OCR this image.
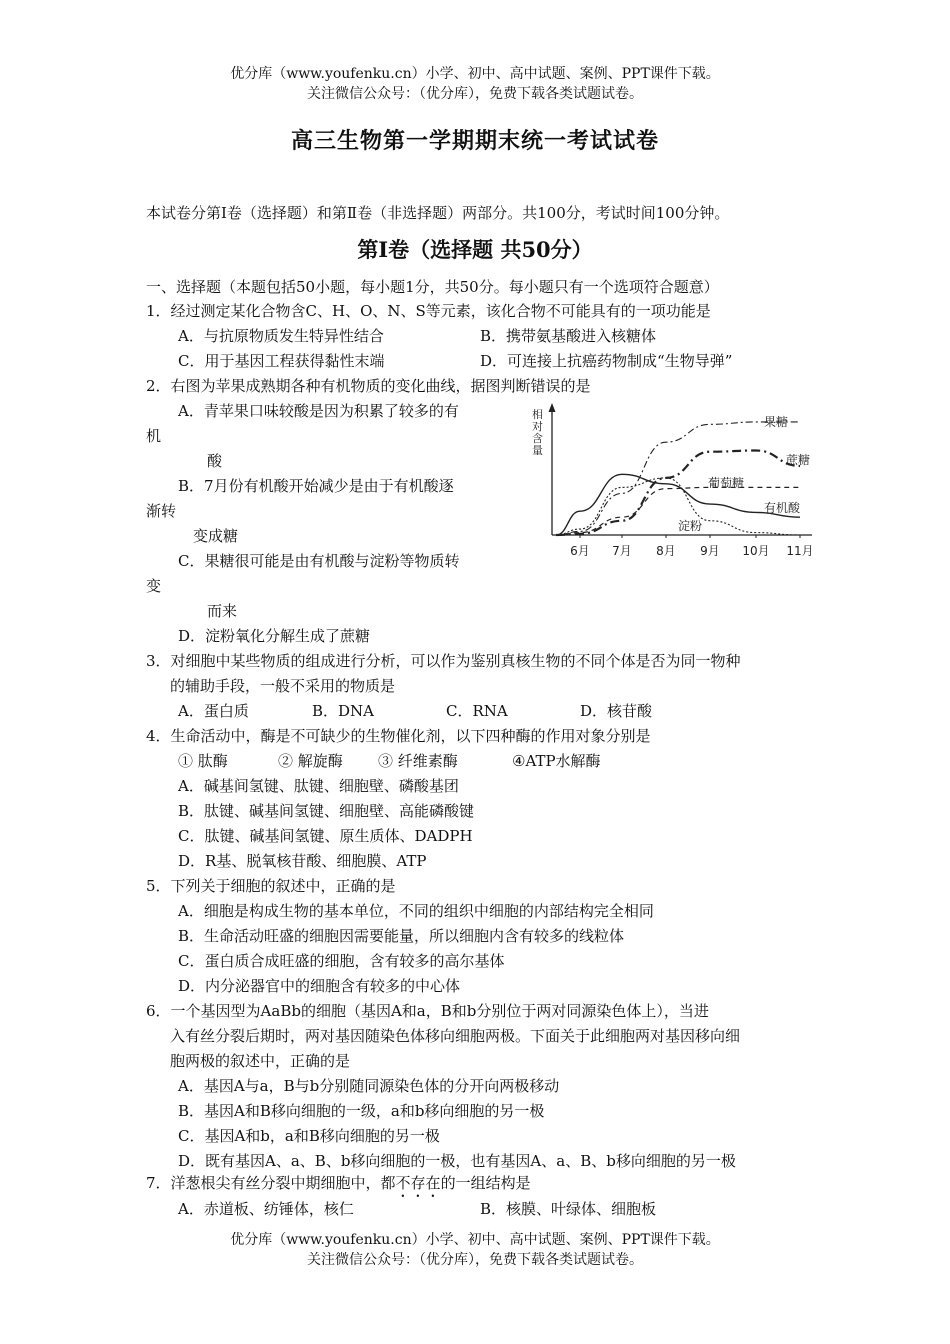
优分库（www.youfenku.cn）小学、初中、高中试题、案例、PPT课件下载。
关注微信公众号：（优分库），免费下载各类试题试卷。
高三生物第一学期期末统一考试试卷
本试卷分第Ⅰ卷（选择题）和第Ⅱ卷（非选择题）两部分。共100分，考试时间100分钟。
第Ⅰ卷（选择题 共50分）
一、选择题（本题包括50小题，每小题1分，共50分。每小题只有一个选项符合题意）
1．经过测定某化合物含C、H、O、N、S等元素，该化合物不可能具有的一项功能是
A．与抗原物质发生特异性结合	B．携带氨基酸进入核糖体
C．用于基因工程获得黏性末端	D．可连接上抗癌药物制成“生物导弹”
2．右图为苹果成熟期各种有机物质的变化曲线，据图判断错误的是
A．青苹果口味较酸是因为积累了较多的有
机
酸
B．7月份有机酸开始减少是由于有机酸逐
渐转
变成糖
C．果糖很可能是由有机酸与淀粉等物质转
变
而来
D．淀粉氧化分解生成了蔗糖
相
对
含
量
6月 7月 8月 9月 10月 11月
果糖
蔗糖
葡萄糖
有机酸
淀粉
3．对细胞中某些物质的组成进行分析，可以作为鉴别真核生物的不同个体是否为同一物种
的辅助手段，一般不采用的物质是
A．蛋白质	B．DNA	C．RNA	D．核苷酸
4．生命活动中，酶是不可缺少的生物催化剂，以下四种酶的作用对象分别是
① 肽酶	② 解旋酶 ③ 纤维素酶	④ATP水解酶
A．碱基间氢键、肽键、细胞壁、磷酸基团
B．肽键、碱基间氢键、细胞壁、高能磷酸键
C．肽键、碱基间氢键、原生质体、DADPH
D．R基、脱氧核苷酸、细胞膜、ATP
5．下列关于细胞的叙述中，正确的是
A．细胞是构成生物的基本单位，不同的组织中细胞的内部结构完全相同
B．生命活动旺盛的细胞因需要能量，所以细胞内含有较多的线粒体
C．蛋白质合成旺盛的细胞，含有较多的高尔基体
D．内分泌器官中的细胞含有较多的中心体
6．一个基因型为AaBb的细胞（基因A和a，B和b分别位于两对同源染色体上），当进
入有丝分裂后期时，两对基因随染色体移向细胞两极。下面关于此细胞两对基因移向细
胞两极的叙述中，正确的是
A．基因A与a，B与b分别随同源染色体的分开向两极移动
B．基因A和B移向细胞的一级，a和b移向细胞的另一极
C．基因A和b，a和B移向细胞的另一极
D．既有基因A、a、B、b移向细胞的一极，也有基因A、a、B、b移向细胞的另一极
7．洋葱根尖有丝分裂中期细胞中，都不存在的一组结构是
A．赤道板、纺锤体，核仁	B．核膜、叶绿体、细胞板
优分库（www.youfenku.cn）小学、初中、高中试题、案例、PPT课件下载。
关注微信公众号：（优分库），免费下载各类试题试卷。
